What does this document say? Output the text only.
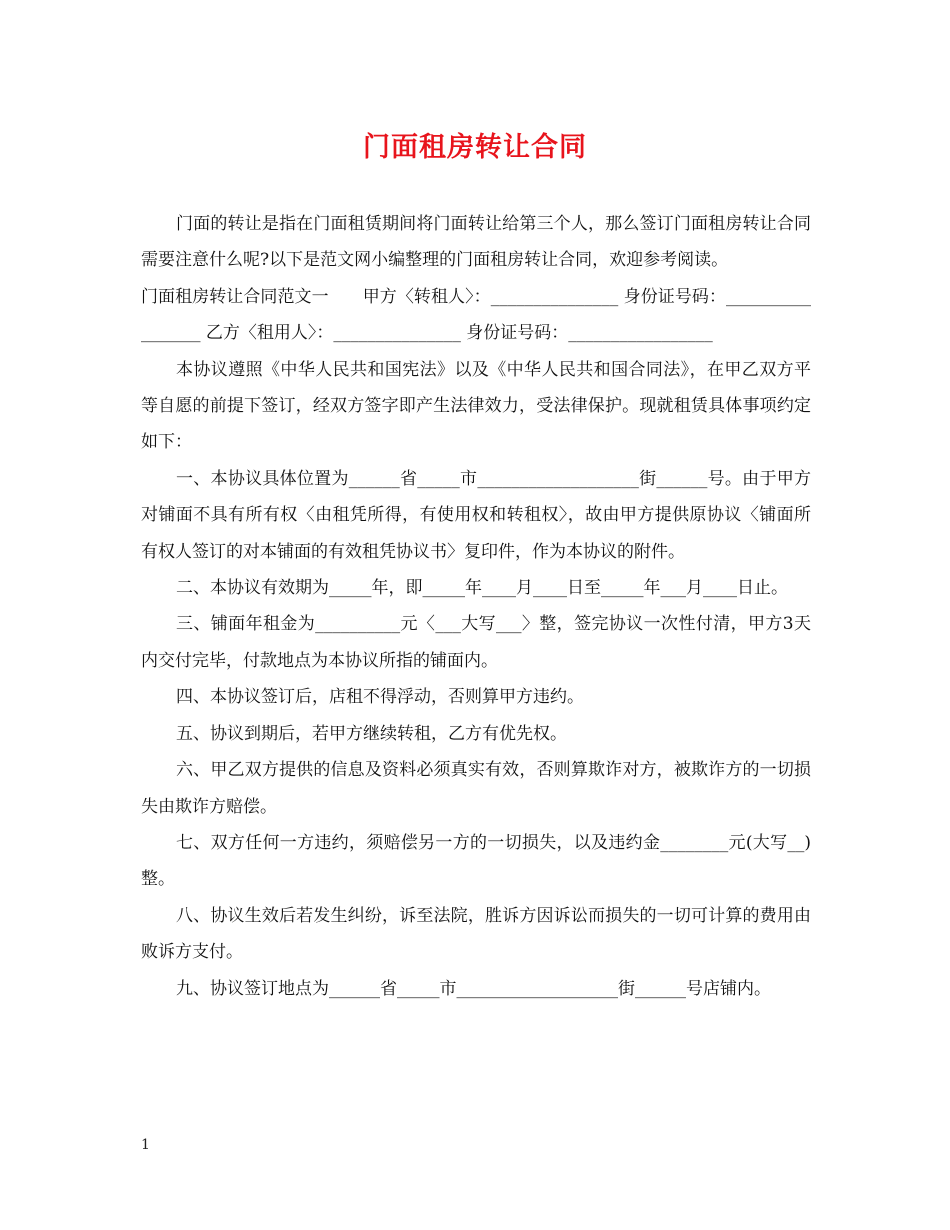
门面租房转让合同

门面的转让是指在门面租赁期间将门面转让给第三个人，那么签订门面租房转让合同需要注意什么呢?以下是范文网小编整理的门面租房转让合同，欢迎参考阅读。

门面租房转让合同范文一　　甲方〈转租人〉：_______________ 身份证号码：_________________ 乙方〈租用人〉：_______________ 身份证号码：_________________

本协议遵照《中华人民共和国宪法》以及《中华人民共和国合同法》，在甲乙双方平等自愿的前提下签订，经双方签字即产生法律效力，受法律保护。现就租赁具体事项约定如下：

一、本协议具体位置为______省_____市___________________街______号。由于甲方对铺面不具有所有权〈由租凭所得，有使用权和转租权〉，故由甲方提供原协议〈铺面所有权人签订的对本铺面的有效租凭协议书〉复印件，作为本协议的附件。

二、本协议有效期为_____年，即_____年____月____日至_____年___月____日止。

三、铺面年租金为__________元〈___大写___〉整，签完协议一次性付清，甲方3天内交付完毕，付款地点为本协议所指的铺面内。

四、本协议签订后，店租不得浮动，否则算甲方违约。

五、协议到期后，若甲方继续转租，乙方有优先权。

六、甲乙双方提供的信息及资料必须真实有效，否则算欺诈对方，被欺诈方的一切损失由欺诈方赔偿。

七、双方任何一方违约，须赔偿另一方的一切损失，以及违约金________元(大写__)整。

八、协议生效后若发生纠纷，诉至法院，胜诉方因诉讼而损失的一切可计算的费用由败诉方支付。

九、协议签订地点为______省_____市___________________街______号店铺内。

1
